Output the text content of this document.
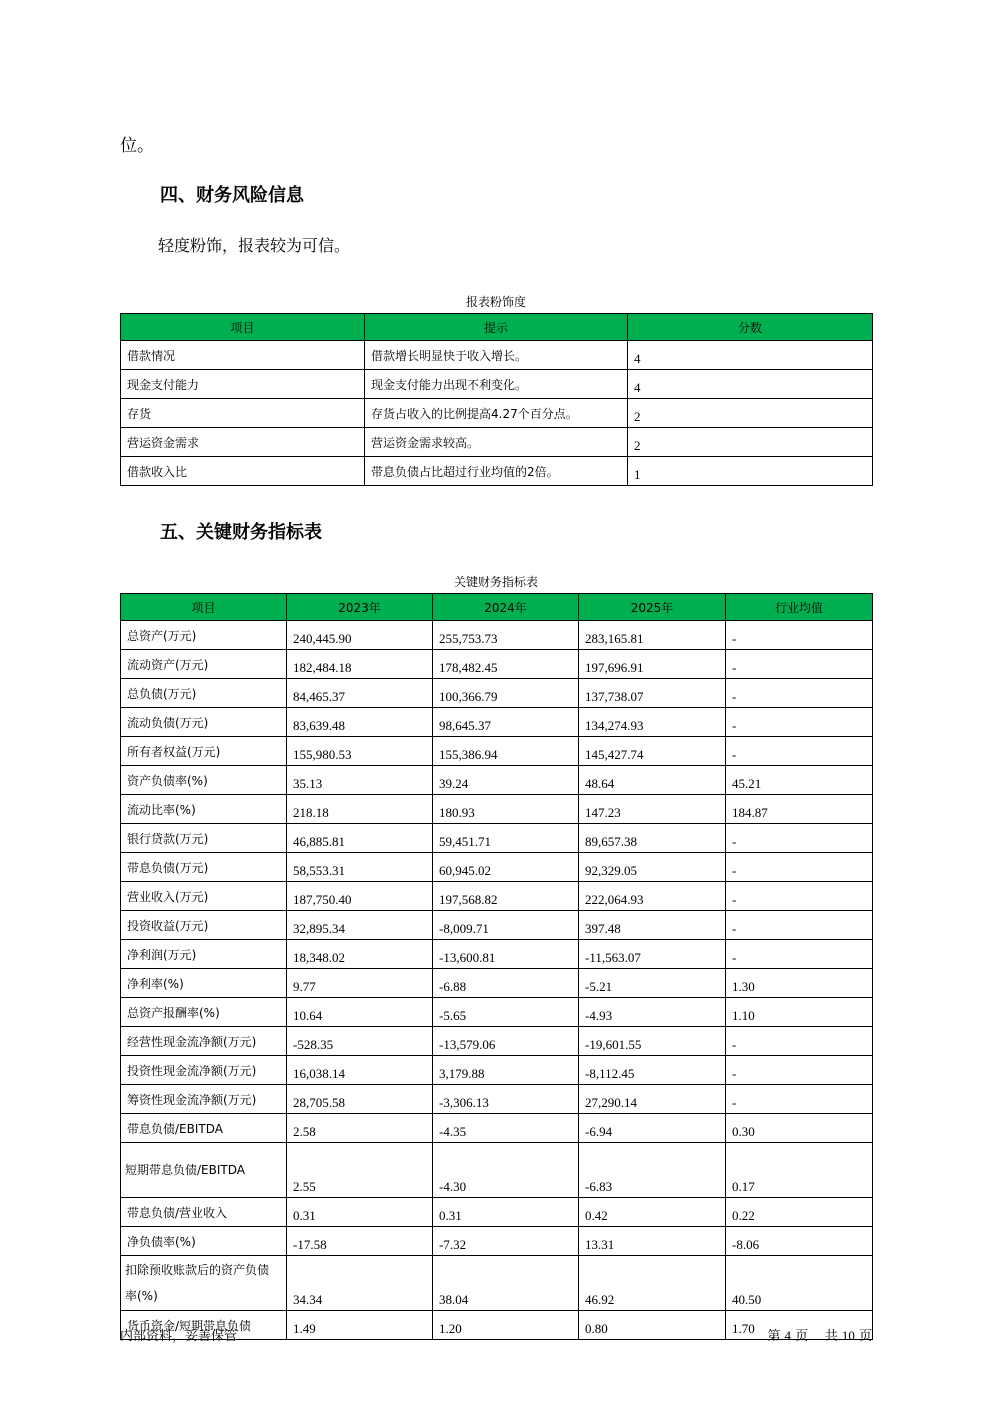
位。
四、财务风险信息
轻度粉饰，报表较为可信。
报表粉饰度
项目	提示	分数
借款情况	借款增长明显快于收入增长。	4
现金支付能力	现金支付能力出现不利变化。	4
存货	存货占收入的比例提高4.27个百分点。	2
营运资金需求	营运资金需求较高。	2
借款收入比	带息负债占比超过行业均值的2倍。	1
五、关键财务指标表
关键财务指标表
项目	2023年	2024年	2025年	行业均值
总资产(万元)	240,445.90	255,753.73	283,165.81	-
流动资产(万元)	182,484.18	178,482.45	197,696.91	-
总负债(万元)	84,465.37	100,366.79	137,738.07	-
流动负债(万元)	83,639.48	98,645.37	134,274.93	-
所有者权益(万元)	155,980.53	155,386.94	145,427.74	-
资产负债率(%)	35.13	39.24	48.64	45.21
流动比率(%)	218.18	180.93	147.23	184.87
银行贷款(万元)	46,885.81	59,451.71	89,657.38	-
带息负债(万元)	58,553.31	60,945.02	92,329.05	-
营业收入(万元)	187,750.40	197,568.82	222,064.93	-
投资收益(万元)	32,895.34	-8,009.71	397.48	-
净利润(万元)	18,348.02	-13,600.81	-11,563.07	-
净利率(%)	9.77	-6.88	-5.21	1.30
总资产报酬率(%)	10.64	-5.65	-4.93	1.10
经营性现金流净额(万元)	-528.35	-13,579.06	-19,601.55	-
投资性现金流净额(万元)	16,038.14	3,179.88	-8,112.45	-
筹资性现金流净额(万元)	28,705.58	-3,306.13	27,290.14	-
带息负债/EBITDA	2.58	-4.35	-6.94	0.30
短期带息负债/EBITDA	2.55	-4.30	-6.83	0.17
带息负债/营业收入	0.31	0.31	0.42	0.22
净负债率(%)	-17.58	-7.32	13.31	-8.06
扣除预收账款后的资产负债率(%)	34.34	38.04	46.92	40.50
货币资金/短期带息负债	1.49	1.20	0.80	1.70
内部资料，妥善保管	第 4 页 共 10 页
